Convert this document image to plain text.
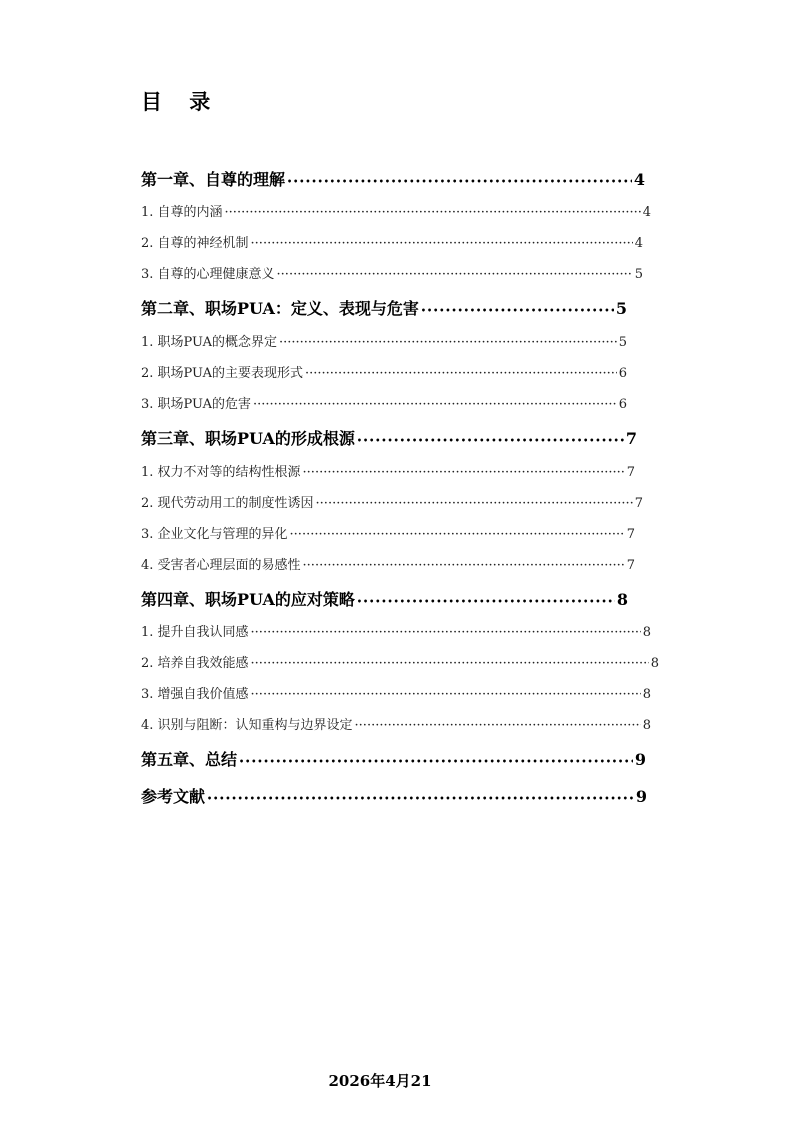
目 录
第一章、自尊的理解 •••••	4
1. 自尊的内涵 ·····	4
2. 自尊的神经机制 ·····	4
3. 自尊的心理健康意义 ·····	5
第二章、职场PUA：定义、表现与危害 •••••	5
1. 职场PUA的概念界定 ·····	5
2. 职场PUA的主要表现形式 ·····	6
3. 职场PUA的危害 ·····	6
第三章、职场PUA的形成根源 •••••	7
1. 权力不对等的结构性根源 ·····	7
2. 现代劳动用工的制度性诱因 ·····	7
3. 企业文化与管理的异化 ·····	7
4. 受害者心理层面的易感性 ·····	7
第四章、职场PUA的应对策略 •••••	8
1. 提升自我认同感 ·····	8
2. 培养自我效能感 ·····	8
3. 增强自我价值感 ·····	8
4. 识别与阻断：认知重构与边界设定 ·····	8
第五章、总结 •••••	9
参考文献 •••••	9
2026年4月21
